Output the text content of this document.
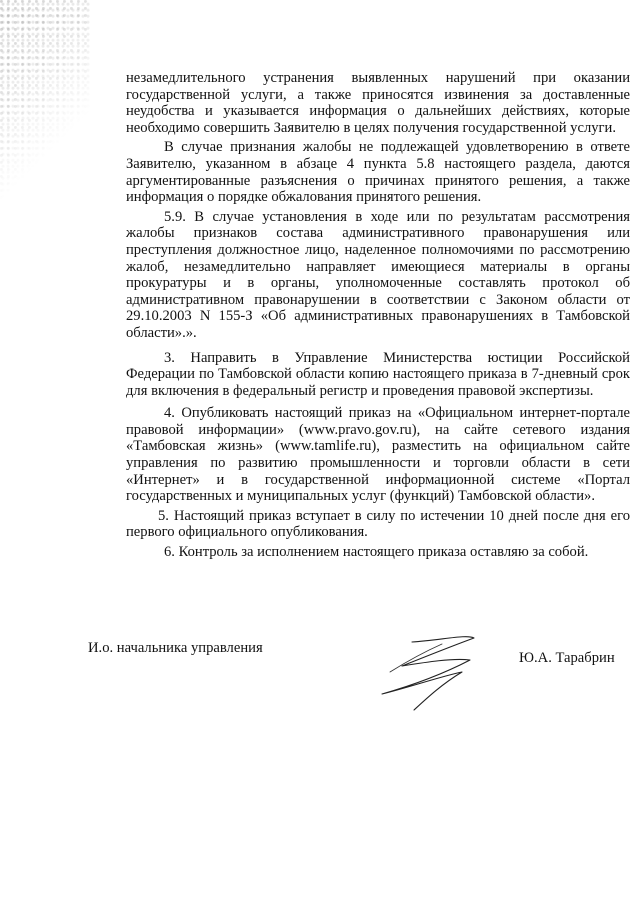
незамедлительного устранения выявленных нарушений при оказании государственной услуги, а также приносятся извинения за доставленные неудобства и указывается информация о дальнейших действиях, которые необходимо совершить Заявителю в целях получения государственной услуги.

В случае признания жалобы не подлежащей удовлетворению в ответе Заявителю, указанном в абзаце 4 пункта 5.8 настоящего раздела, даются аргументированные разъяснения о причинах принятого решения, а также информация о порядке обжалования принятого решения.

5.9. В случае установления в ходе или по результатам рассмотрения жалобы признаков состава административного правонарушения или преступления должностное лицо, наделенное полномочиями по рассмотрению жалоб, незамедлительно направляет имеющиеся материалы в органы прокуратуры и в органы, уполномоченные составлять протокол об административном правонарушении в соответствии с Законом области от 29.10.2003 N 155-З «Об административных правонарушениях в Тамбовской области».».

3. Направить в Управление Министерства юстиции Российской Федерации по Тамбовской области копию настоящего приказа в 7-дневный срок для включения в федеральный регистр и проведения правовой экспертизы.

4. Опубликовать настоящий приказ на «Официальном интернет-портале правовой информации» (www.pravo.gov.ru), на сайте сетевого издания «Тамбовская жизнь» (www.tamlife.ru), разместить на официальном сайте управления по развитию промышленности и торговли области в сети «Интернет» и в государственной информационной системе «Портал государственных и муниципальных услуг (функций) Тамбовской области».

5. Настоящий приказ вступает в силу по истечении 10 дней после дня его первого официального опубликования.

6. Контроль за исполнением настоящего приказа оставляю за собой.

И.о. начальника управления
Ю.А. Тарабрин
